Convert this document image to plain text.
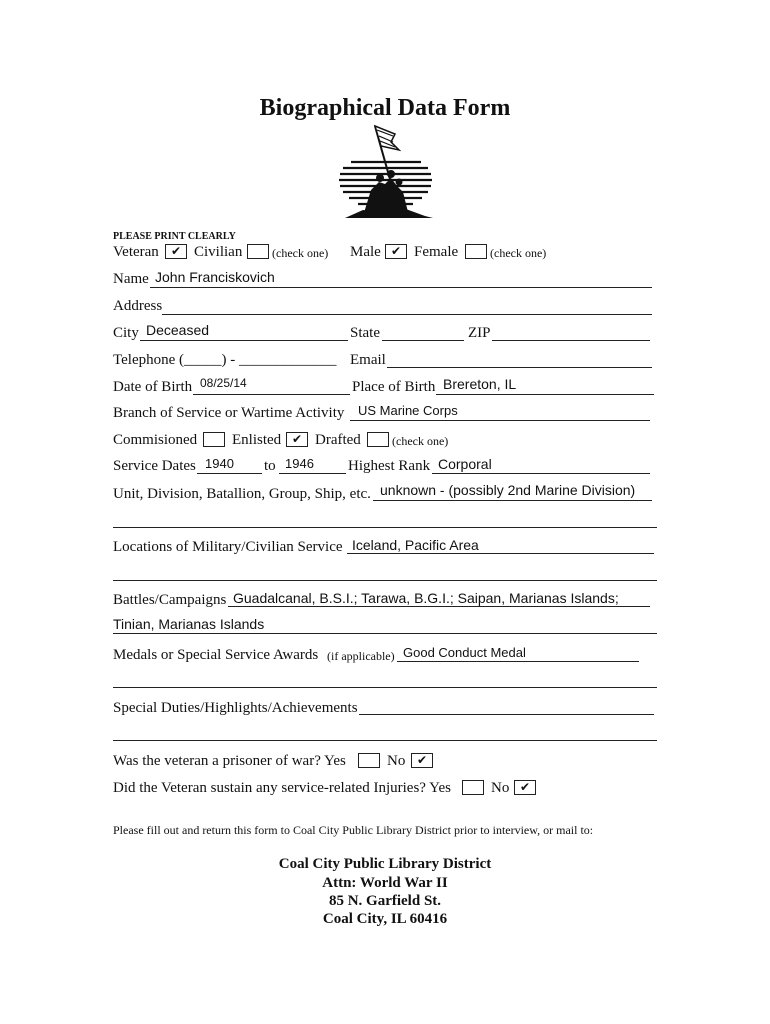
Biographical Data Form
PLEASE PRINT CLEARLY
Veteran	✔ Civilian (check one) Male ✔ Female	(check one)
Name John Franciskovich
Address
City Deceased	State	ZIP
Telephone (_____) - _____________ Email
Date of Birth 08/25/14	Place of Birth Brereton, IL
Branch of Service or Wartime Activity US Marine Corps
Commisioned Enlisted ✔ Drafted	(check one)
Service Dates 1940 to 1946 Highest Rank Corporal
Unit, Division, Batallion, Group, Ship, etc. unknown - (possibly 2nd Marine Division)
Locations of Military/Civilian Service Iceland, Pacific Area
Battles/Campaigns Guadalcanal, B.S.I.; Tarawa, B.G.I.; Saipan, Marianas Islands;
Tinian, Marianas Islands
Medals or Special Service Awards (if applicable) Good Conduct Medal
Special Duties/Highlights/Achievements
Was the veteran a prisoner of war? Yes	No ✔
Did the Veteran sustain any service-related Injuries? Yes	No ✔
Please fill out and return this form to Coal City Public Library District prior to interview, or mail to:
Coal City Public Library District
Attn: World War II
85 N. Garfield St.
Coal City, IL 60416
